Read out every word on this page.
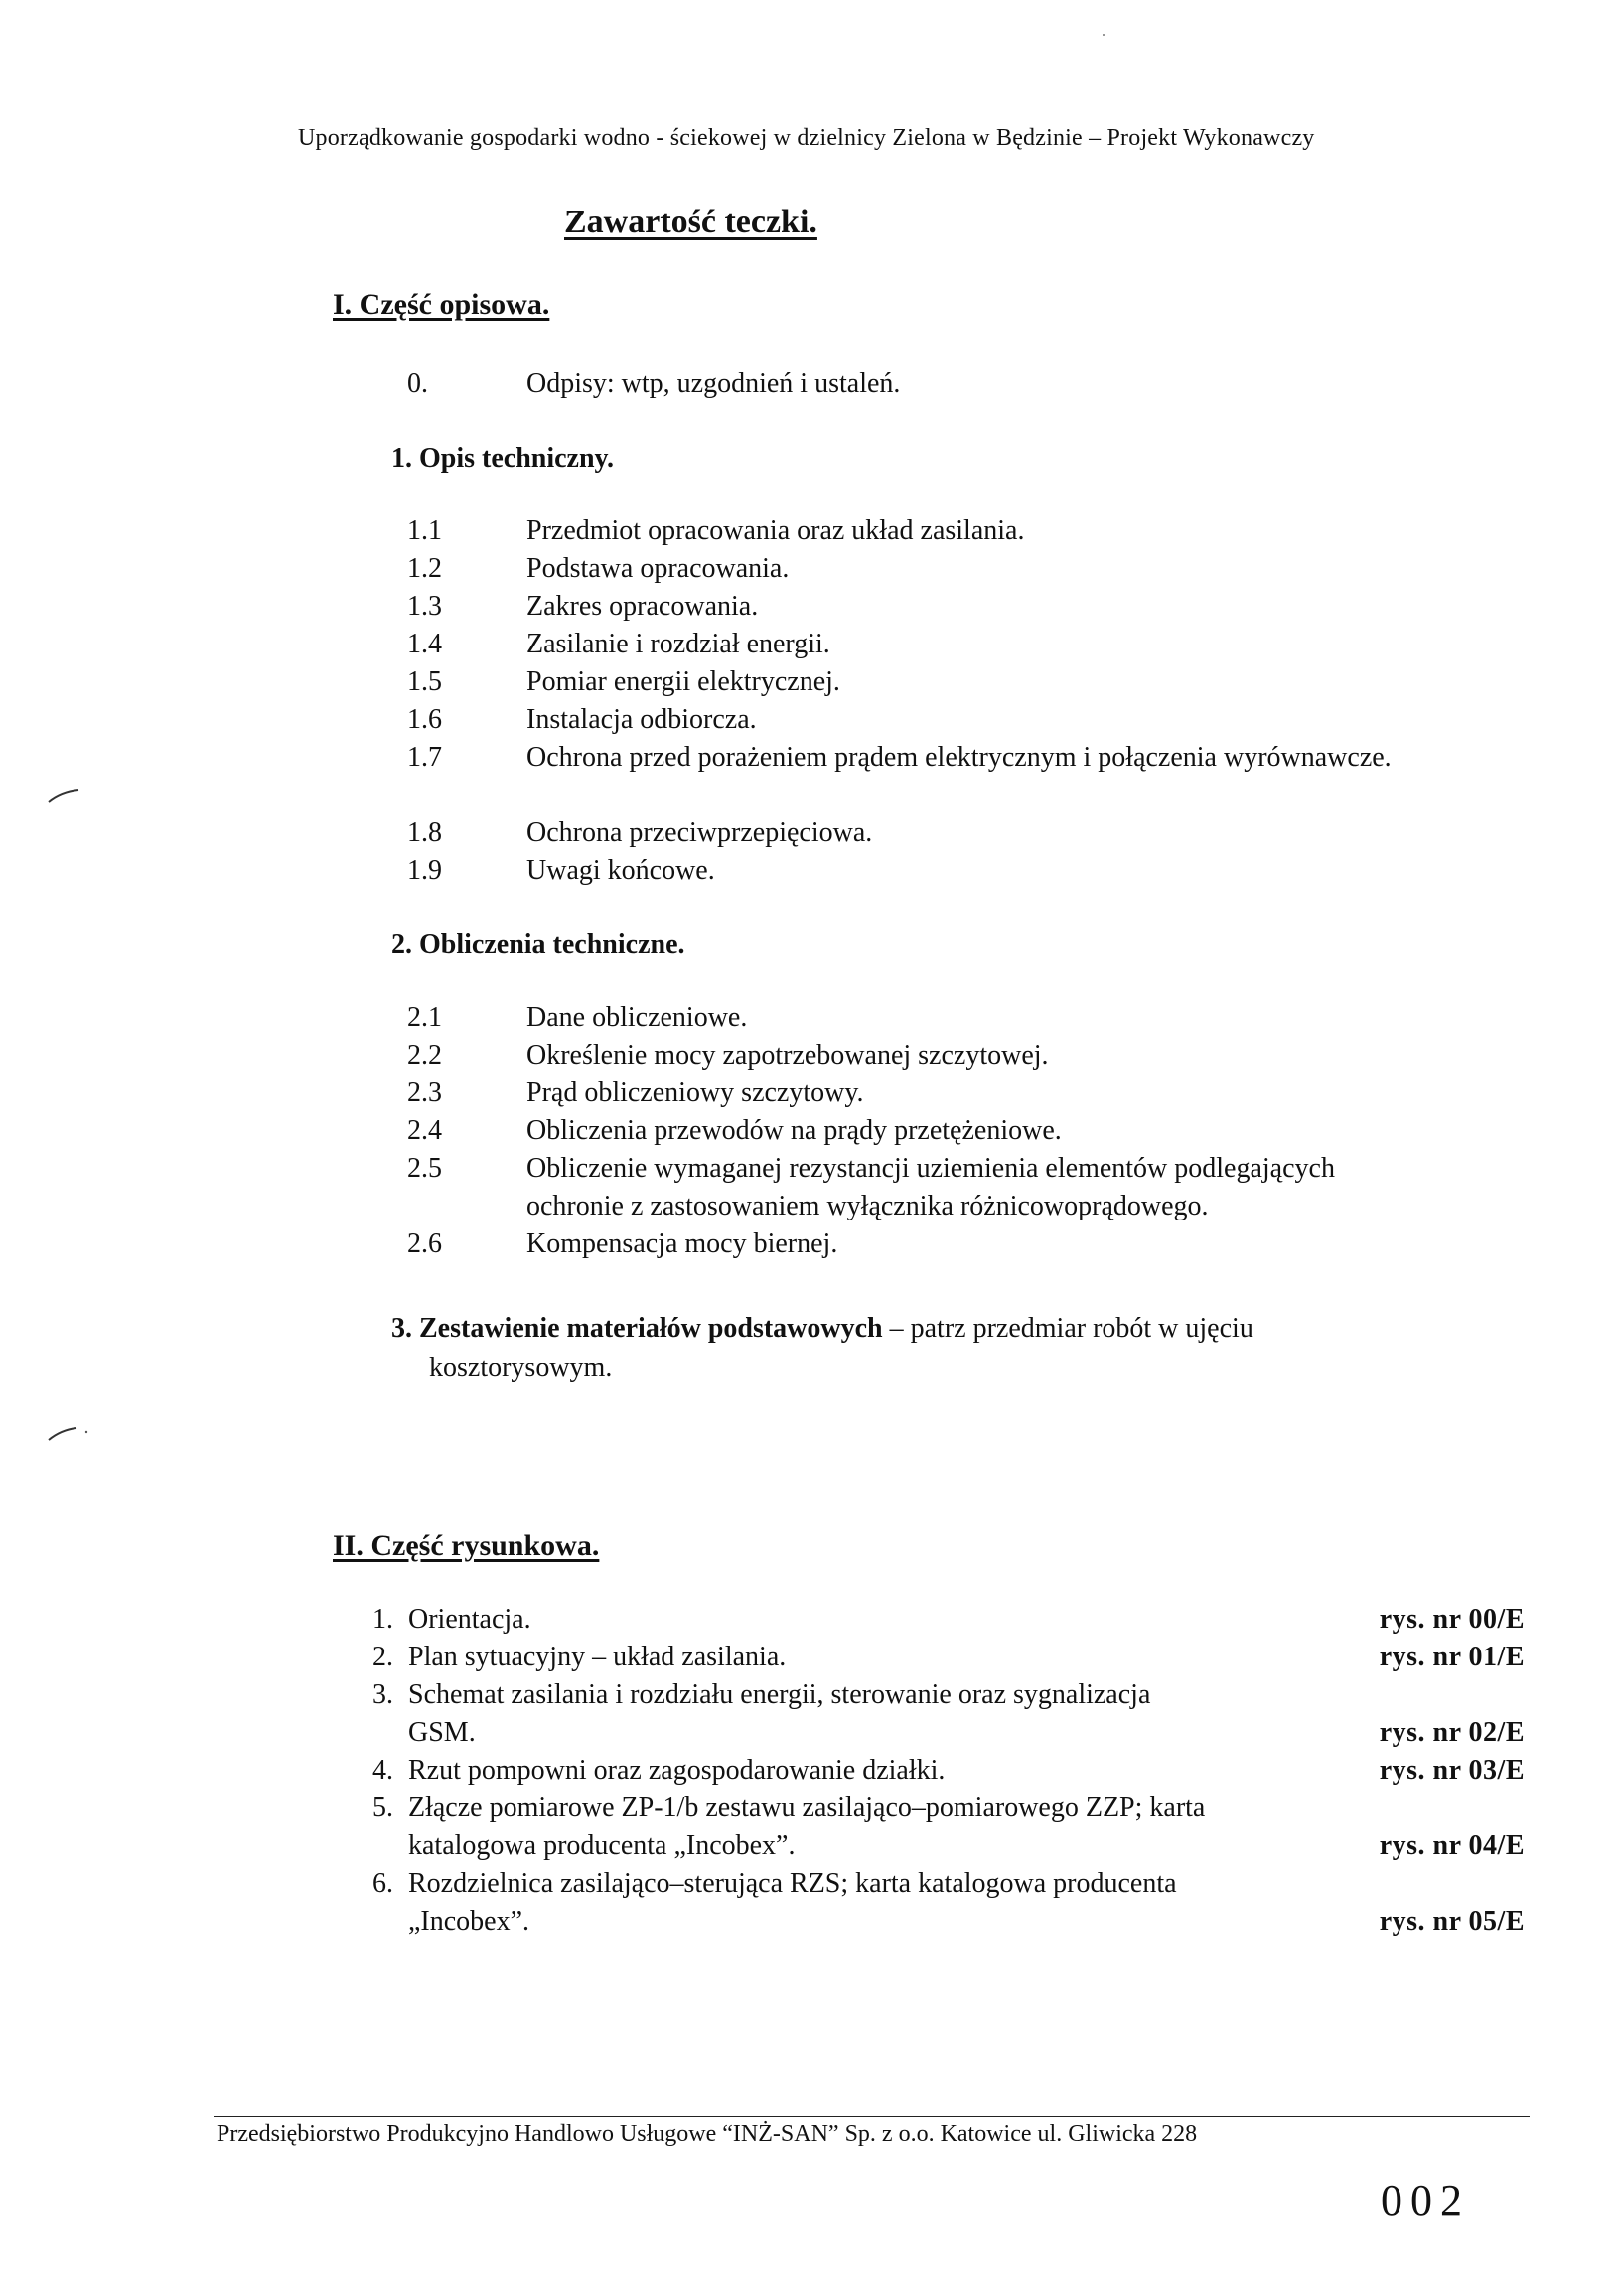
Uporządkowanie gospodarki wodno - ściekowej w dzielnicy Zielona w Będzinie – Projekt Wykonawczy
Zawartość teczki.
I. Część opisowa.
0.	Odpisy: wtp, uzgodnień i ustaleń.
1. Opis techniczny.
1.1	Przedmiot opracowania oraz układ zasilania.
1.2	Podstawa opracowania.
1.3	Zakres opracowania.
1.4	Zasilanie i rozdział energii.
1.5	Pomiar energii elektrycznej.
1.6	Instalacja odbiorcza.
1.7	Ochrona przed porażeniem prądem elektrycznym i połączenia wyrównawcze.
1.8	Ochrona przeciwprzepięciowa.
1.9	Uwagi końcowe.
2. Obliczenia techniczne.
2.1	Dane obliczeniowe.
2.2	Określenie mocy zapotrzebowanej szczytowej.
2.3	Prąd obliczeniowy szczytowy.
2.4	Obliczenia przewodów na prądy przetężeniowe.
2.5	Obliczenie wymaganej rezystancji uziemienia elementów podlegających ochronie z zastosowaniem wyłącznika różnicowoprądowego.
2.6	Kompensacja mocy biernej.
3. Zestawienie materiałów podstawowych – patrz przedmiar robót w ujęciu
kosztorysowym.
II. Część rysunkowa.
1. Orientacja.	rys. nr 00/E
2. Plan sytuacyjny – układ zasilania.	rys. nr 01/E
3. Schemat zasilania i rozdziału energii, sterowanie oraz sygnalizacja GSM.	rys. nr 02/E
4. Rzut pompowni oraz zagospodarowanie działki.	rys. nr 03/E
5. Złącze pomiarowe ZP-1/b zestawu zasilająco–pomiarowego ZZP; karta katalogowa producenta „Incobex”.	rys. nr 04/E
6. Rozdzielnica zasilająco–sterująca RZS; karta katalogowa producenta „Incobex”.	rys. nr 05/E
Przedsiębiorstwo Produkcyjno Handlowo Usługowe “INŻ-SAN” Sp. z o.o. Katowice ul. Gliwicka 228
002
